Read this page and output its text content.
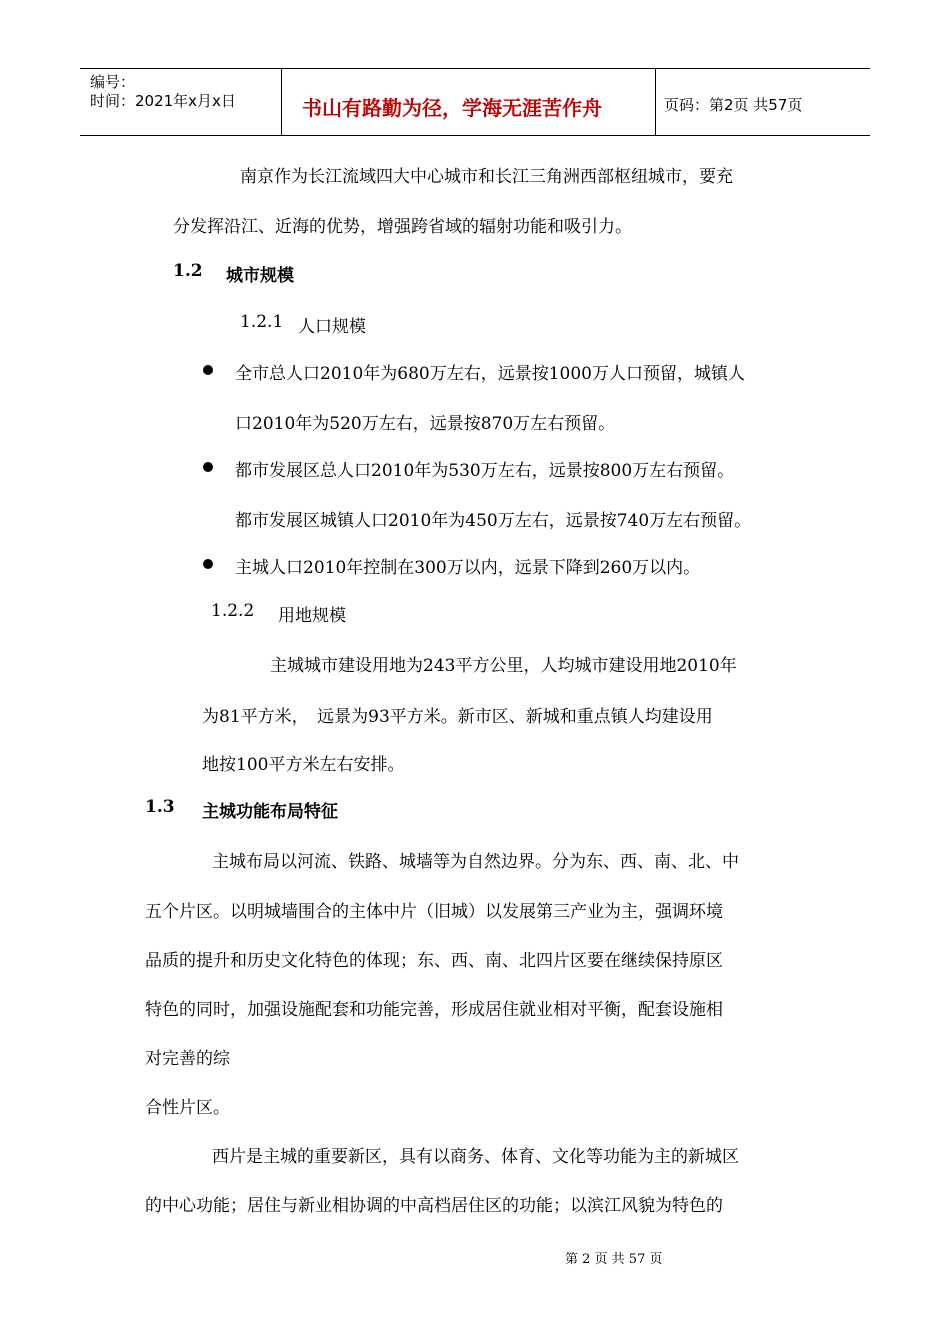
编号：
时间：2021年x月x日	书山有路勤为径，学海无涯苦作舟	页码：第2页 共57页
南京作为长江流域四大中心城市和长江三角洲西部枢纽城市，要充
分发挥沿江、近海的优势，增强跨省域的辐射功能和吸引力。
1.2 城市规模
1.2.1 人口规模
全市总人口2010年为680万左右，远景按1000万人口预留，城镇人
口2010年为520万左右，远景按870万左右预留。
都市发展区总人口2010年为530万左右，远景按800万左右预留。
都市发展区城镇人口2010年为450万左右，远景按740万左右预留。
主城人口2010年控制在300万以内，远景下降到260万以内。
1.2.2 用地规模
主城城市建设用地为243平方公里，人均城市建设用地2010年
为81平方米，　远景为93平方米。新市区、新城和重点镇人均建设用
地按100平方米左右安排。
1.3 主城功能布局特征
主城布局以河流、铁路、城墙等为自然边界。分为东、西、南、北、中
五个片区。以明城墙围合的主体中片（旧城）以发展第三产业为主，强调环境
品质的提升和历史文化特色的体现；东、西、南、北四片区要在继续保持原区
特色的同时，加强设施配套和功能完善，形成居住就业相对平衡，配套设施相
对完善的综
合性片区。
西片是主城的重要新区，具有以商务、体育、文化等功能为主的新城区
的中心功能；居住与新业相协调的中高档居住区的功能；以滨江风貌为特色的
第 2 页 共 57 页
